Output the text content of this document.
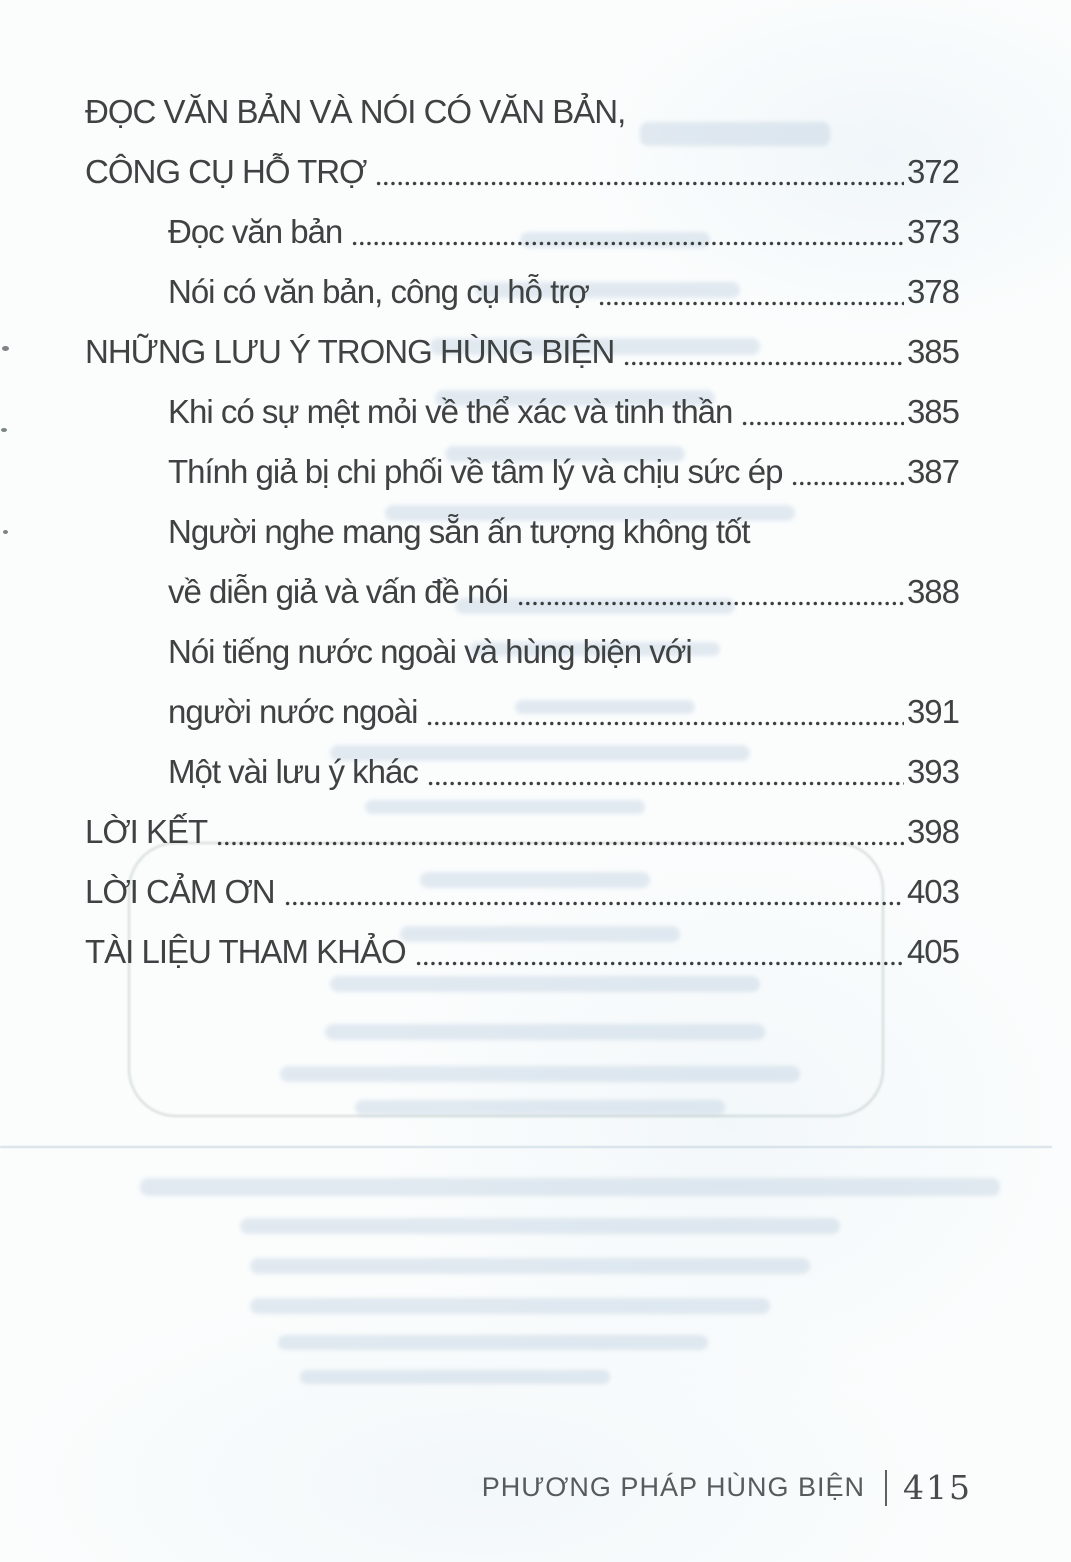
ĐỌC VĂN BẢN VÀ NÓI CÓ VĂN BẢN,
CÔNG CỤ HỖ TRỢ	372
Đọc văn bản	373
Nói có văn bản, công cụ hỗ trợ	378
NHỮNG LƯU Ý TRONG HÙNG BIỆN	385
Khi có sự mệt mỏi về thể xác và tinh thần	385
Thính giả bị chi phối về tâm lý và chịu sức ép	387
Người nghe mang sẵn ấn tượng không tốt
về diễn giả và vấn đề nói	388
Nói tiếng nước ngoài và hùng biện với
người nước ngoài	391
Một vài lưu ý khác	393
LỜI KẾT	398
LỜI CẢM ƠN	403
TÀI LIỆU THAM KHẢO	405
PHƯƠNG PHÁP HÙNG BIỆN 415
